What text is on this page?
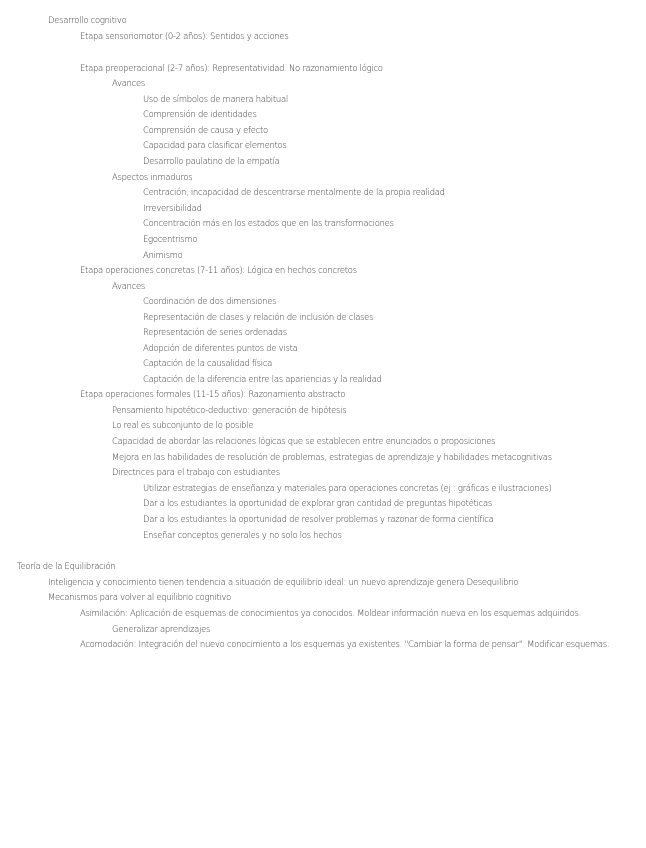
Desarrollo cognitivo
Etapa sensoriomotor (0-2 años): Sentidos y acciones
Etapa preoperacional (2-7 años): Representatividad. No razonamiento lógico
Avances
Uso de símbolos de manera habitual
Comprensión de identidades
Comprensión de causa y efecto
Capacidad para clasificar elementos
Desarrollo paulatino de la empatía
Aspectos inmaduros
Centración, incapacidad de descentrarse mentalmente de la propia realidad
Irreversibilidad
Concentración más en los estados que en las transformaciones
Egocentrismo
Animismo
Etapa operaciones concretas (7-11 años): Lógica en hechos concretos
Avances
Coordinación de dos dimensiones
Representación de clases y relación de inclusión de clases
Representación de series ordenadas
Adopción de diferentes puntos de vista
Captación de la causalidad física
Captación de la diferencia entre las apariencias y la realidad
Etapa operaciones formales (11-15 años): Razonamiento abstracto
Pensamiento hipotético-deductivo: generación de hipótesis
Lo real es subconjunto de lo posible
Capacidad de abordar las relaciones lógicas que se establecen entre enunciados o proposiciones
Mejora en las habilidades de resolución de problemas, estrategias de aprendizaje y habilidades metacognitivas
Directrices para el trabajo con estudiantes
Utilizar estrategias de enseñanza y materiales para operaciones concretas (ej.: gráficas e ilustraciones)
Dar a los estudiantes la oportunidad de explorar gran cantidad de preguntas hipotéticas
Dar a los estudiantes la oportunidad de resolver problemas y razonar de forma científica
Enseñar conceptos generales y no solo los hechos
Teoría de la Equilibración
Inteligencia y conocimiento tienen tendencia a situación de equilibrio ideal: un nuevo aprendizaje genera Desequilibrio
Mecanismos para volver al equilibrio cognitivo
Asimilación: Aplicación de esquemas de conocimientos ya conocidos. Moldear información nueva en los esquemas adquiridos.
Generalizar aprendizajes
Acomodación: Integración del nuevo conocimiento a los esquemas ya existentes. "Cambiar la forma de pensar". Modificar esquemas.
